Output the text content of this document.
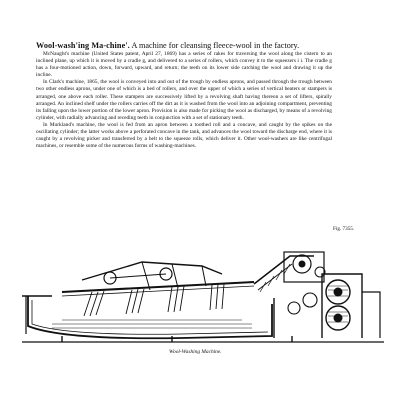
Wool-wash'ing Ma-chine'. A machine for cleansing fleece-wool in the factory.

McNaught's machine (United States patent, April 27, 1869) has a series of rakes for traversing the wool along the cistern to an inclined plane, up which it is moved by a cradle g, and delivered to a series of rollers, which convey it to the squeezers i i. The cradle g has a four-motioned action, down, forward, upward, and return; the teeth on its lower side catching the wool and drawing it up the incline.

In Clark's machine, 1865, the wool is conveyed into and out of the trough by endless aprons, and passed through the trough between two other endless aprons, under one of which is a bed of rollers, and over the upper of which a series of vertical beaters or stampers is arranged, one above each roller. These stampers are successively lifted by a revolving shaft having thereon a set of lifters, spirally arranged. An inclined shelf under the rollers carries off the dirt as it is washed from the wool into an adjoining compartment, preventing its falling upon the lower portion of the lower apron. Provision is also made for picking the wool as discharged, by means of a revolving cylinder, with radially advancing and receding teeth in conjunction with a set of stationary teeth.

In Murkland's machine, the wool is fed from an apron between a toothed roll and a concave, and caught by the spikes on the oscillating cylinder; the latter works above a perforated concave in the tank, and advances the wool toward the discharge end, where it is caught by a revolving picker and transferred by a belt to the squeeze rolls, which deliver it. Other wool-washers are like centrifugal machines, or resemble some of the numerous forms of washing-machines.

Fig. 7355.
Wool-Washing Machine.
